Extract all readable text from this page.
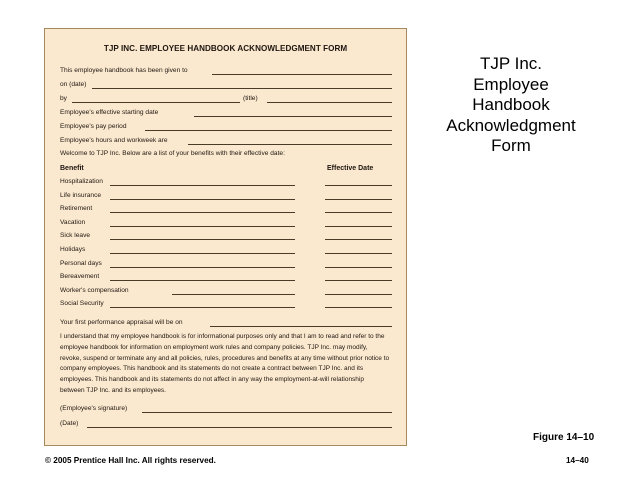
TJP INC. EMPLOYEE HANDBOOK ACKNOWLEDGMENT FORM
This employee handbook has been given to
on (date)
by	(title)
Employee's effective starting date
Employee's pay period
Employee's hours and workweek are
Welcome to TJP Inc. Below are a list of your benefits with their effective date:
Benefit	Effective Date
Hospitalization
Life insurance
Retirement
Vacation
Sick leave
Holidays
Personal days
Bereavement
Worker's compensation
Social Security
Your first performance appraisal will be on
I understand that my employee handbook is for informational purposes only and that I am to read and refer to the employee handbook for information on employment work rules and company policies. TJP Inc. may modify, revoke, suspend or terminate any and all policies, rules, procedures and benefits at any time without prior notice to company employees. This handbook and its statements do not create a contract between TJP Inc. and its employees. This handbook and its statements do not affect in any way the employment-at-will relationship between TJP Inc. and its employees.
(Employee's signature)
(Date)
TJP Inc.
Employee
Handbook
Acknowledgment
Form
Figure 14–10
© 2005 Prentice Hall Inc. All rights reserved.	14–40
